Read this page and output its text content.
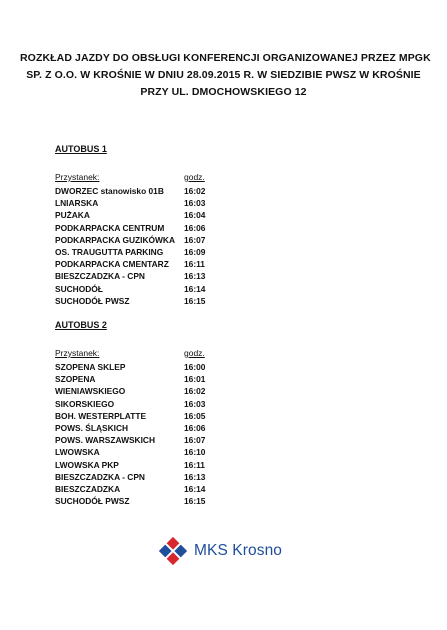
ROZKŁAD JAZDY DO OBSŁUGI KONFERENCJI ORGANIZOWANEJ PRZEZ MPGK
SP. Z O.O. W KROŚNIE W DNIU 28.09.2015 R. W SIEDZIBIE PWSZ W KROŚNIE
PRZY UL. DMOCHOWSKIEGO 12
AUTOBUS 1
Przystanek:	godz.
DWORZEC stanowisko 01B	16:02
LNIARSKA	16:03
PUŻAKA	16:04
PODKARPACKA CENTRUM	16:06
PODKARPACKA GUZIKÓWKA	16:07
OS. TRAUGUTTA PARKING	16:09
PODKARPACKA CMENTARZ	16:11
BIESZCZADZKA - CPN	16:13
SUCHODÓŁ	16:14
SUCHODÓŁ PWSZ	16:15
AUTOBUS 2
Przystanek:	godz.
SZOPENA SKLEP	16:00
SZOPENA	16:01
WIENIAWSKIEGO	16:02
SIKORSKIEGO	16:03
BOH. WESTERPLATTE	16:05
POWS. ŚLĄSKICH	16:06
POWS. WARSZAWSKICH	16:07
LWOWSKA	16:10
LWOWSKA PKP	16:11
BIESZCZADZKA - CPN	16:13
BIESZCZADZKA	16:14
SUCHODÓŁ PWSZ	16:15
MKS Krosno
